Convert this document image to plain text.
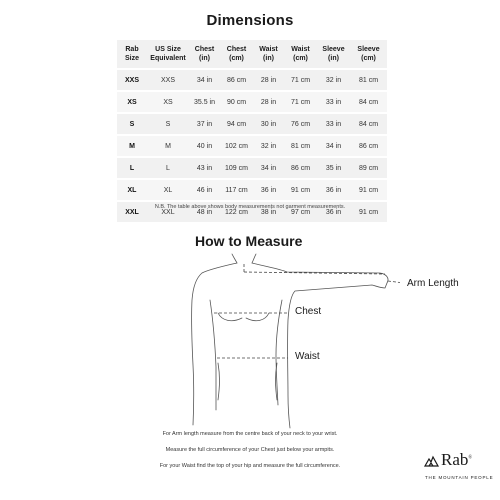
Dimensions
Rab Size	US Size Equivalent	Chest (in)	Chest (cm)	Waist (in)	Waist (cm)	Sleeve (in)	Sleeve (cm)
XXS	XXS	34 in	86 cm	28 in	71 cm	32 in	81 cm
XS	XS	35.5 in	90 cm	28 in	71 cm	33 in	84 cm
S	S	37 in	94 cm	30 in	76 cm	33 in	84 cm
M	M	40 in	102 cm	32 in	81 cm	34 in	86 cm
L	L	43 in	109 cm	34 in	86 cm	35 in	89 cm
XL	XL	46 in	117 cm	36 in	91 cm	36 in	91 cm
XXL	XXL	48 in	122 cm	38 in	97 cm	36 in	91 cm
N.B. The table above shows body measurements not garment measurements.
How to Measure
Arm Length
Chest
Waist
For Arm length measure from the centre back of your neck to your wrist.
Measure the full circumference of your Chest just below your armpits.
For your Waist find the top of your hip and measure the full circumference.	Rab®
THE MOUNTAIN PEOPLE
